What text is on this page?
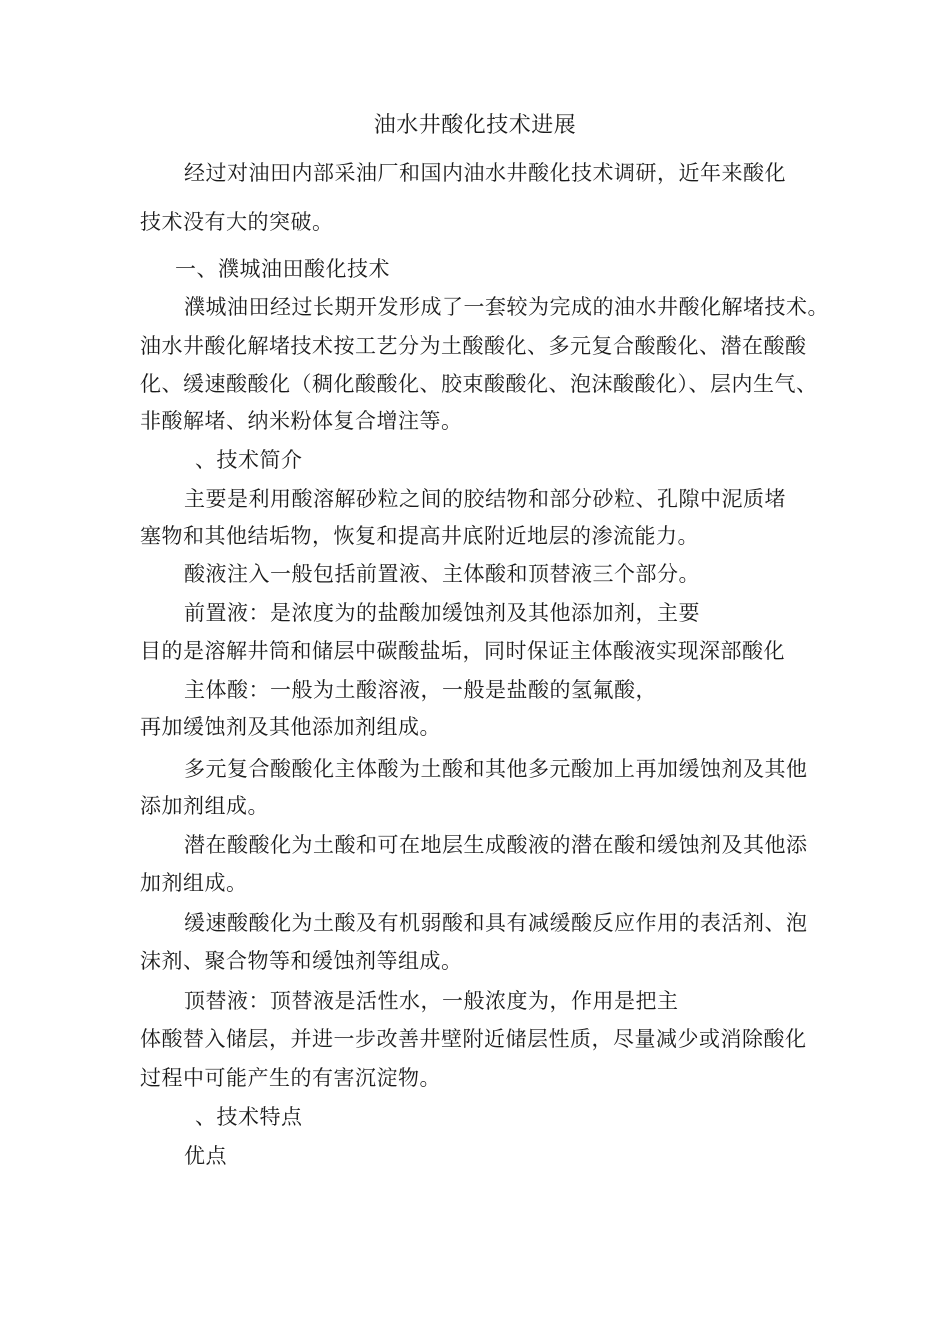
油水井酸化技术进展
经过对油田内部采油厂和国内油水井酸化技术调研，近年来酸化
技术没有大的突破。
一、濮城油田酸化技术
濮城油田经过长期开发形成了一套较为完成的油水井酸化解堵技术。
油水井酸化解堵技术按工艺分为土酸酸化、多元复合酸酸化、潜在酸酸
化、缓速酸酸化（稠化酸酸化、胶束酸酸化、泡沫酸酸化）、层内生气、
非酸解堵、纳米粉体复合增注等。
、技术简介
主要是利用酸溶解砂粒之间的胶结物和部分砂粒、孔隙中泥质堵
塞物和其他结垢物，恢复和提高井底附近地层的渗流能力。
酸液注入一般包括前置液、主体酸和顶替液三个部分。
前置液：是浓度为的盐酸加缓蚀剂及其他添加剂，主要
目的是溶解井筒和储层中碳酸盐垢，同时保证主体酸液实现深部酸化
主体酸：一般为土酸溶液，一般是盐酸的氢氟酸，
再加缓蚀剂及其他添加剂组成。
多元复合酸酸化主体酸为土酸和其他多元酸加上再加缓蚀剂及其他
添加剂组成。
潜在酸酸化为土酸和可在地层生成酸液的潜在酸和缓蚀剂及其他添
加剂组成。
缓速酸酸化为土酸及有机弱酸和具有减缓酸反应作用的表活剂、泡
沫剂、聚合物等和缓蚀剂等组成。
顶替液：顶替液是活性水，一般浓度为，作用是把主
体酸替入储层，并进一步改善井壁附近储层性质，尽量减少或消除酸化
过程中可能产生的有害沉淀物。
、技术特点
优点
